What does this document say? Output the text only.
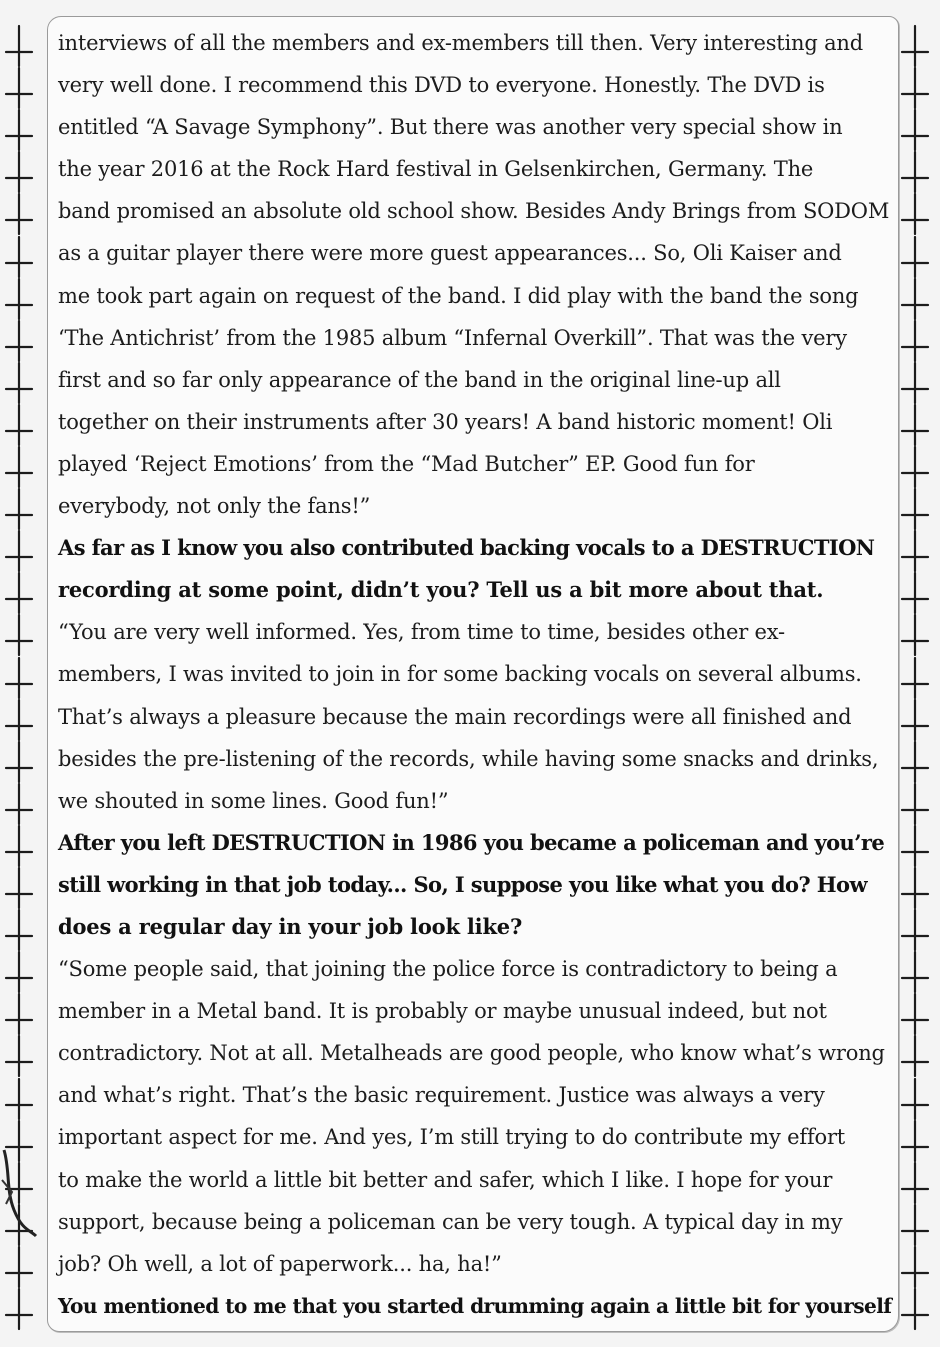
interviews of all the members and ex-members till then. Very interesting and
very well done. I recommend this DVD to everyone. Honestly. The DVD is
entitled “A Savage Symphony”. But there was another very special show in
the year 2016 at the Rock Hard festival in Gelsenkirchen, Germany. The
band promised an absolute old school show. Besides Andy Brings from SODOM
as a guitar player there were more guest appearances... So, Oli Kaiser and
me took part again on request of the band. I did play with the band the song
‘The Antichrist’ from the 1985 album “Infernal Overkill”. That was the very
first and so far only appearance of the band in the original line-up all
together on their instruments after 30 years! A band historic moment! Oli
played ‘Reject Emotions’ from the “Mad Butcher” EP. Good fun for
everybody, not only the fans!”
As far as I know you also contributed backing vocals to a DESTRUCTION
recording at some point, didn’t you? Tell us a bit more about that.
“You are very well informed. Yes, from time to time, besides other ex-
members, I was invited to join in for some backing vocals on several albums.
That’s always a pleasure because the main recordings were all finished and
besides the pre-listening of the records, while having some snacks and drinks,
we shouted in some lines. Good fun!”
After you left DESTRUCTION in 1986 you became a policeman and you’re
still working in that job today... So, I suppose you like what you do? How
does a regular day in your job look like?
“Some people said, that joining the police force is contradictory to being a
member in a Metal band. It is probably or maybe unusual indeed, but not
contradictory. Not at all. Metalheads are good people, who know what’s wrong
and what’s right. That’s the basic requirement. Justice was always a very
important aspect for me. And yes, I’m still trying to do contribute my effort
to make the world a little bit better and safer, which I like. I hope for your
support, because being a policeman can be very tough. A typical day in my
job? Oh well, a lot of paperwork... ha, ha!”
You mentioned to me that you started drumming again a little bit for yourself
